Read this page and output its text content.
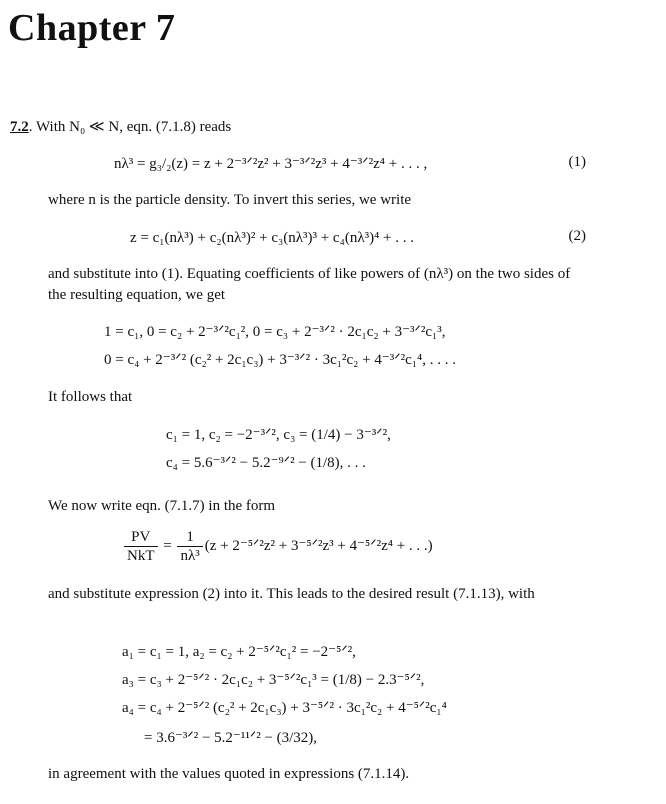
Chapter 7
7.2. With N₀ ≪ N, eqn. (7.1.8) reads
nλ³ = g₃/₂(z) = z + 2⁻³ᐟ²z² + 3⁻³ᐟ²z³ + 4⁻³ᐟ²z⁴ + . . . ,	(1)
where n is the particle density. To invert this series, we write
z = c₁(nλ³) + c₂(nλ³)² + c₃(nλ³)³ + c₄(nλ³)⁴ + . . .	(2)
and substitute into (1). Equating coefficients of like powers of (nλ³) on the two sides of the resulting equation, we get
1 = c₁, 0 = c₂ + 2⁻³ᐟ²c₁², 0 = c₃ + 2⁻³ᐟ² · 2c₁c₂ + 3⁻³ᐟ²c₁³,
0 = c₄ + 2⁻³ᐟ² (c₂² + 2c₁c₃) + 3⁻³ᐟ² · 3c₁²c₂ + 4⁻³ᐟ²c₁⁴, . . . .
It follows that
c₁ = 1, c₂ = −2⁻³ᐟ², c₃ = (1/4) − 3⁻³ᐟ²,
c₄ = 5.6⁻³ᐟ² − 5.2⁻⁹ᐟ² − (1/8), . . .
We now write eqn. (7.1.7) in the form
$\frac{PV}{\text{NkT}} = \frac{1}{\text{nλ³}} (z$ + 2⁻⁵ᐟ²z² + 3⁻⁵ᐟ²z³ + 4⁻⁵ᐟ²z⁴ + . . .)
and substitute expression (2) into it. This leads to the desired result (7.1.13), with
a₁ = c₁ = 1, a₂ = c₂ + 2⁻⁵ᐟ²c₁² = −2⁻⁵ᐟ²,
a₃ = c₃ + 2⁻⁵ᐟ² · 2c₁c₂ + 3⁻⁵ᐟ²c₁³ = (1/8) − 2.3⁻⁵ᐟ²,
a₄ = c₄ + 2⁻⁵ᐟ² (c₂² + 2c₁c₃) + 3⁻⁵ᐟ² · 3c₁²c₂ + 4⁻⁵ᐟ²c₁⁴
= 3.6⁻³ᐟ² − 5.2⁻¹¹ᐟ² − (3/32),
in agreement with the values quoted in expressions (7.1.14).
